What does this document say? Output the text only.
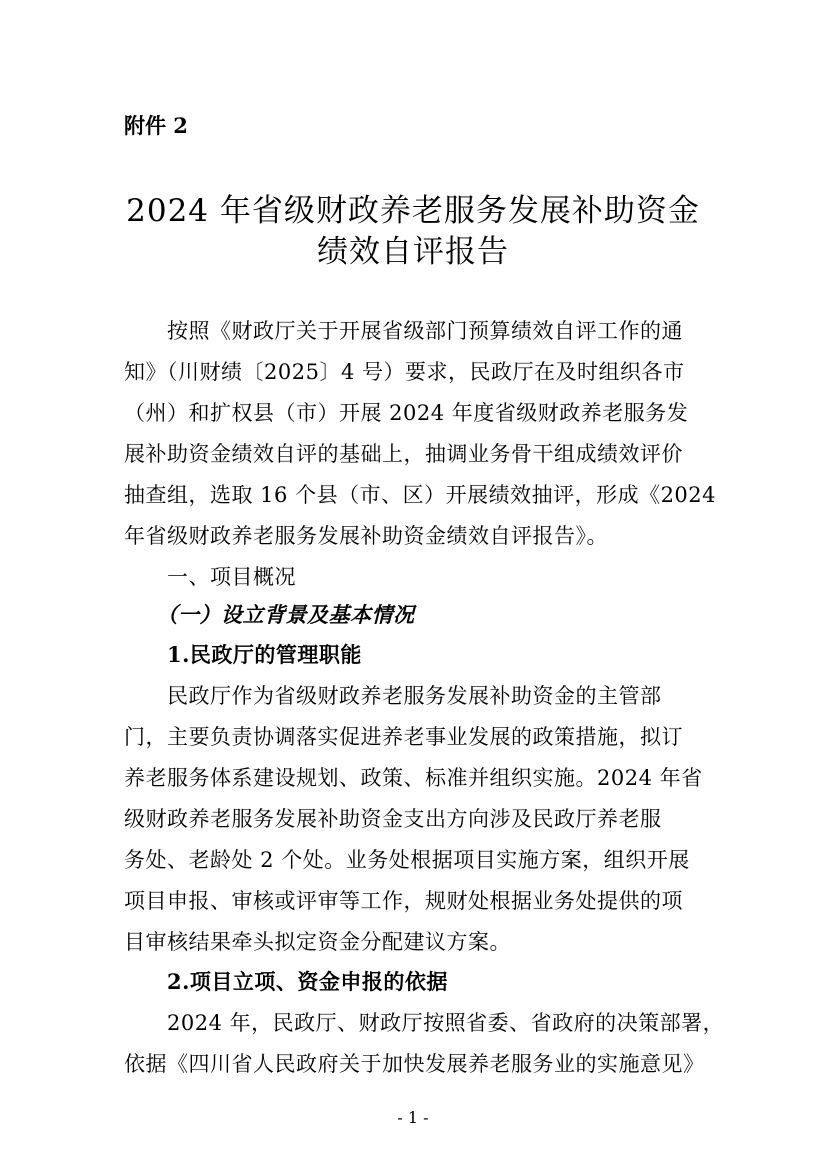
附件 2
2024 年省级财政养老服务发展补助资金
绩效自评报告
　　按照《财政厅关于开展省级部门预算绩效自评工作的通
知》（川财绩〔2025〕4 号）要求，民政厅在及时组织各市
（州）和扩权县（市）开展 2024 年度省级财政养老服务发
展补助资金绩效自评的基础上，抽调业务骨干组成绩效评价
抽查组，选取 16 个县（市、区）开展绩效抽评，形成《2024
年省级财政养老服务发展补助资金绩效自评报告》。
　　一、项目概况
　　（一）设立背景及基本情况
　　1.民政厅的管理职能
　　民政厅作为省级财政养老服务发展补助资金的主管部
门，主要负责协调落实促进养老事业发展的政策措施，拟订
养老服务体系建设规划、政策、标准并组织实施。2024 年省
级财政养老服务发展补助资金支出方向涉及民政厅养老服
务处、老龄处 2 个处。业务处根据项目实施方案，组织开展
项目申报、审核或评审等工作，规财处根据业务处提供的项
目审核结果牵头拟定资金分配建议方案。
　　2.项目立项、资金申报的依据
　　2024 年，民政厅、财政厅按照省委、省政府的决策部署，
依据《四川省人民政府关于加快发展养老服务业的实施意见》
- 1 -
